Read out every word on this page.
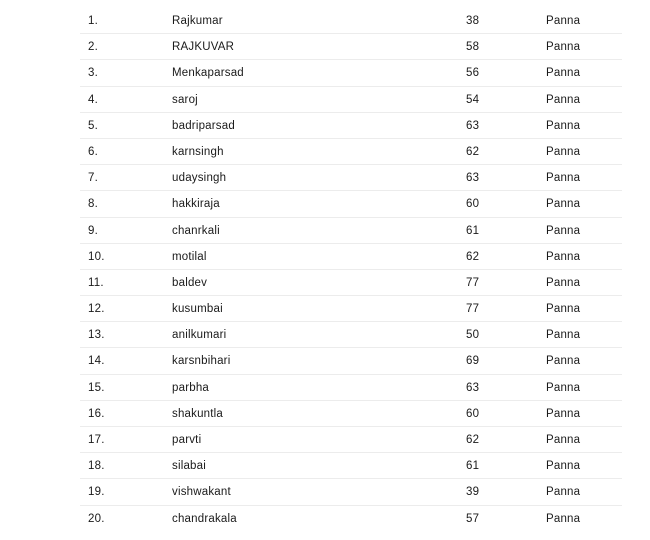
1.	Rajkumar	38	Panna
2.	RAJKUVAR	58	Panna
3.	Menkaparsad	56	Panna
4.	saroj	54	Panna
5.	badriparsad	63	Panna
6.	karnsingh	62	Panna
7.	udaysingh	63	Panna
8.	hakkiraja	60	Panna
9.	chanrkali	61	Panna
10.	motilal	62	Panna
11.	baldev	77	Panna
12.	kusumbai	77	Panna
13.	anilkumari	50	Panna
14.	karsnbihari	69	Panna
15.	parbha	63	Panna
16.	shakuntla	60	Panna
17.	parvti	62	Panna
18.	silabai	61	Panna
19.	vishwakant	39	Panna
20.	chandrakala	57	Panna
